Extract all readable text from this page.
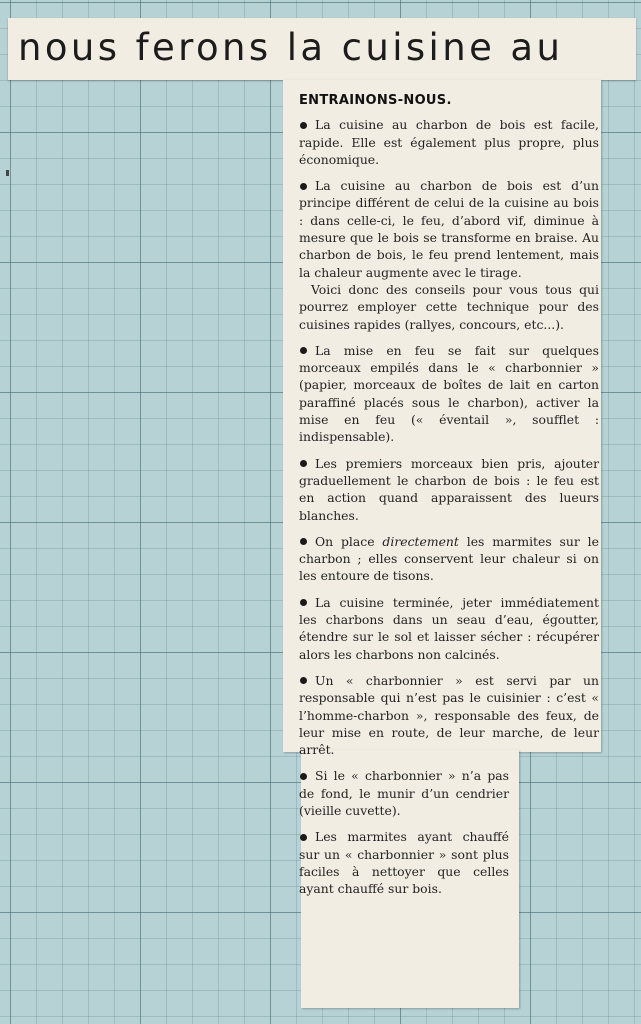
nous ferons la cuisine au
ENTRAINONS-NOUS.

La cuisine au charbon de bois est facile, rapide. Elle est également plus propre, plus économique.

La cuisine au charbon de bois est d’un principe différent de celui de la cuisine au bois : dans celle-ci, le feu, d’abord vif, diminue à mesure que le bois se transforme en braise. Au charbon de bois, le feu prend lentement, mais la chaleur augmente avec le tirage.

Voici donc des conseils pour vous tous qui pourrez employer cette technique pour des cuisines rapides (rallyes, concours, etc...).

La mise en feu se fait sur quelques morceaux empilés dans le « charbonnier » (papier, morceaux de boîtes de lait en carton paraffiné placés sous le charbon), activer la mise en feu (« éventail », soufflet : indispensable).

Les premiers morceaux bien pris, ajouter graduellement le charbon de bois : le feu est en action quand apparaissent des lueurs blanches.

On place directement les marmites sur le charbon ; elles conservent leur chaleur si on les entoure de tisons.

La cuisine terminée, jeter immédiatement les charbons dans un seau d’eau, égoutter, étendre sur le sol et laisser sécher : récupérer alors les charbons non calcinés.

Un « charbonnier » est servi par un responsable qui n’est pas le cuisinier : c’est « l’homme-charbon », responsable des feux, de leur mise en route, de leur marche, de leur arrêt.

Si le « charbonnier » n’a pas de fond, le munir d’un cendrier (vieille cuvette).

Les marmites ayant chauffé sur un « charbonnier » sont plus faciles à nettoyer que celles ayant chauffé sur bois.
